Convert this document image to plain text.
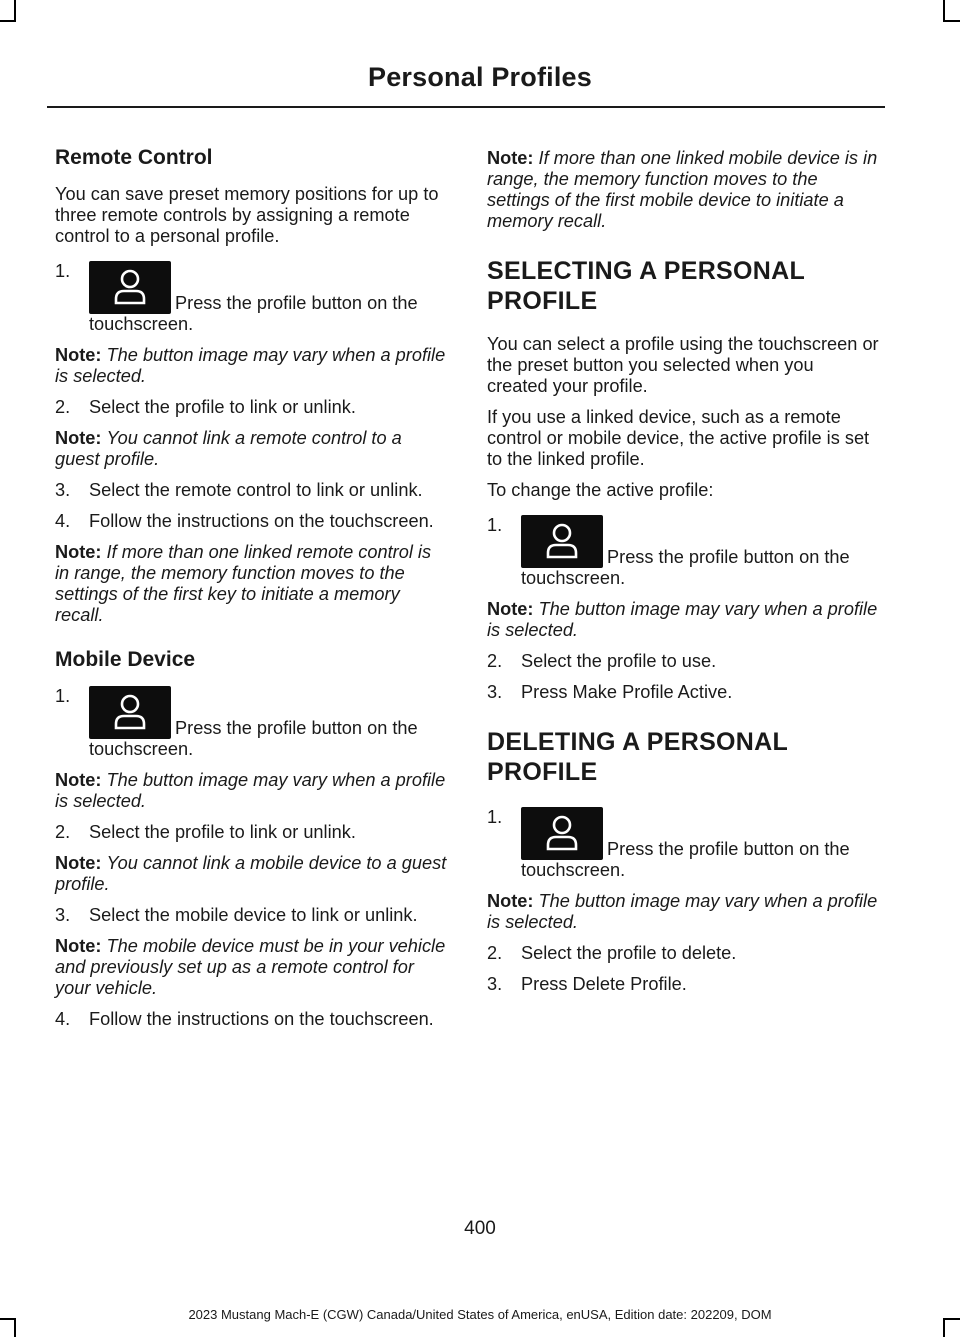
Personal Profiles
Remote Control

You can save preset memory positions for up to three remote controls by assigning a remote control to a personal profile.

1.
Press the profile button on the touchscreen.

Note: The button image may vary when a profile is selected.

2. Select the profile to link or unlink.

Note: You cannot link a remote control to a guest profile.

3. Select the remote control to link or unlink.
4. Follow the instructions on the touchscreen.

Note: If more than one linked remote control is in range, the memory function moves to the settings of the first key to initiate a memory recall.

Mobile Device
1.
Press the profile button on the touchscreen.

Note: The button image may vary when a profile is selected.

2. Select the profile to link or unlink.

Note: You cannot link a mobile device to a guest profile.

3. Select the mobile device to link or unlink.

Note: The mobile device must be in your vehicle and previously set up as a remote control for your vehicle.

4. Follow the instructions on the touchscreen.

Note: If more than one linked mobile device is in range, the memory function moves to the settings of the first mobile device to initiate a memory recall.

SELECTING A PERSONAL
PROFILE

You can select a profile using the touchscreen or the preset button you selected when you created your profile.

If you use a linked device, such as a remote control or mobile device, the active profile is set to the linked profile.

To change the active profile:

1.
Press the profile button on the touchscreen.

Note: The button image may vary when a profile is selected.

2. Select the profile to use.
3. Press Make Profile Active.
DELETING A PERSONAL
PROFILE
1.
Press the profile button on the touchscreen.

Note: The button image may vary when a profile is selected.

2. Select the profile to delete.
3. Press Delete Profile.
400
2023 Mustang Mach-E (CGW) Canada/United States of America, enUSA, Edition date: 202209, DOM
